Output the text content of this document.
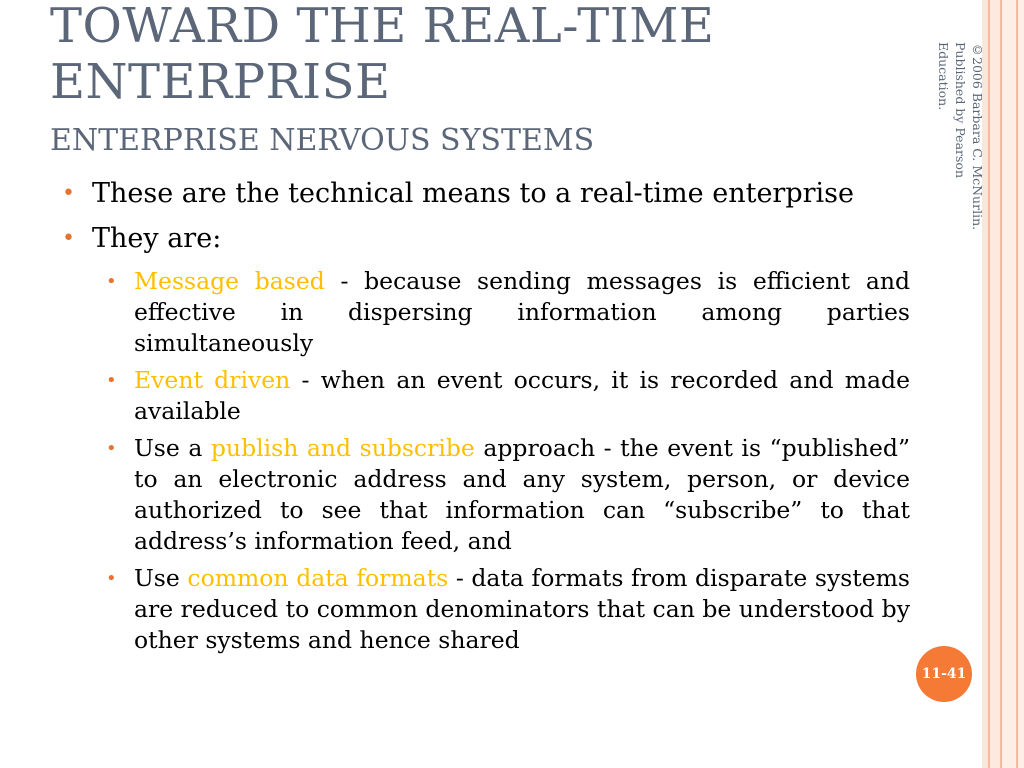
TOWARD THE REAL-TIME
ENTERPRISE
ENTERPRISE NERVOUS SYSTEMS
• These are the technical means to a real-time enterprise
• They are:
• Message based - because sending messages is efficient and effective in dispersing information among parties simultaneously
• Event driven - when an event occurs, it is recorded and made available
• Use a publish and subscribe approach - the event is “published” to an electronic address and any system, person, or device authorized to see that information can “subscribe” to that address’s information feed, and
• Use common data formats - data formats from disparate systems are reduced to common denominators that can be understood by other systems and hence shared
©2006 Barbara C. McNurlin.
Published by Pearson
Education.
11-41
